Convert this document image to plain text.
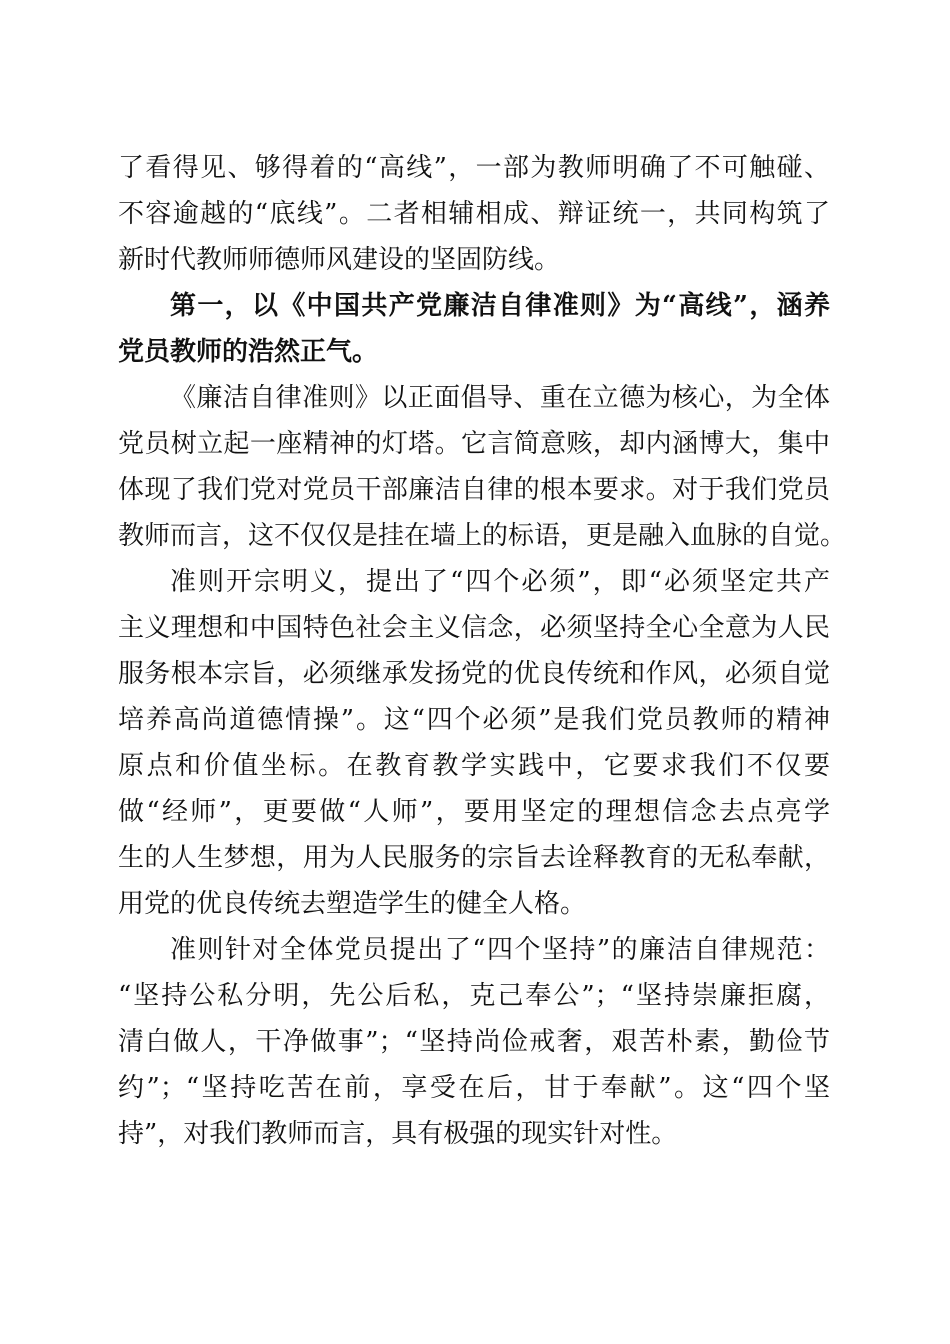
了看得见、够得着的“高线”，一部为教师明确了不可触碰、
不容逾越的“底线”。二者相辅相成、辩证统一，共同构筑了
新时代教师师德师风建设的坚固防线。
第一，以《中国共产党廉洁自律准则》为“高线”，涵养
党员教师的浩然正气。
《廉洁自律准则》以正面倡导、重在立德为核心，为全体
党员树立起一座精神的灯塔。它言简意赅，却内涵博大，集中
体现了我们党对党员干部廉洁自律的根本要求。对于我们党员
教师而言，这不仅仅是挂在墙上的标语，更是融入血脉的自觉。
准则开宗明义，提出了“四个必须”，即“必须坚定共产
主义理想和中国特色社会主义信念，必须坚持全心全意为人民
服务根本宗旨，必须继承发扬党的优良传统和作风，必须自觉
培养高尚道德情操”。这“四个必须”是我们党员教师的精神
原点和价值坐标。在教育教学实践中，它要求我们不仅要
做“经师”，更要做“人师”，要用坚定的理想信念去点亮学
生的人生梦想，用为人民服务的宗旨去诠释教育的无私奉献，
用党的优良传统去塑造学生的健全人格。
准则针对全体党员提出了“四个坚持”的廉洁自律规范：
“坚持公私分明，先公后私，克己奉公”；“坚持崇廉拒腐，
清白做人，干净做事”；“坚持尚俭戒奢，艰苦朴素，勤俭节
约”；“坚持吃苦在前，享受在后，甘于奉献”。这“四个坚
持”，对我们教师而言，具有极强的现实针对性。
